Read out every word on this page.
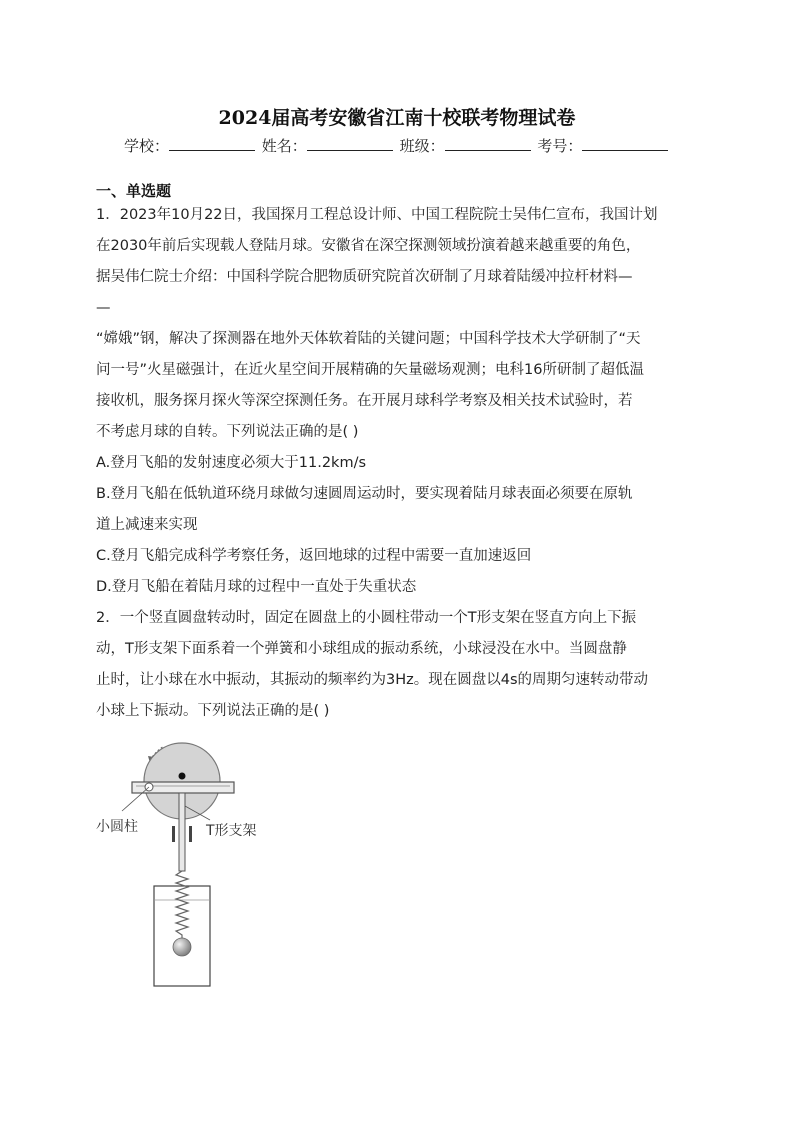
2024届高考安徽省江南十校联考物理试卷
学校：	姓名：	班级：	考号：
一、单选题
1．2023年10月22日，我国探月工程总设计师、中国工程院院士吴伟仁宣布，我国计划
在2030年前后实现载人登陆月球。安徽省在深空探测领域扮演着越来越重要的角色，
据吴伟仁院士介绍：中国科学院合肥物质研究院首次研制了月球着陆缓冲拉杆材料—
—
“嫦娥”钢，解决了探测器在地外天体软着陆的关键问题；中国科学技术大学研制了“天
问一号”火星磁强计，在近火星空间开展精确的矢量磁场观测；电科16所研制了超低温
接收机，服务探月探火等深空探测任务。在开展月球科学考察及相关技术试验时，若
不考虑月球的自转。下列说法正确的是( )
A.登月飞船的发射速度必须大于11.2km/s
B.登月飞船在低轨道环绕月球做匀速圆周运动时，要实现着陆月球表面必须要在原轨
道上减速来实现
C.登月飞船完成科学考察任务，返回地球的过程中需要一直加速返回
D.登月飞船在着陆月球的过程中一直处于失重状态
2．一个竖直圆盘转动时，固定在圆盘上的小圆柱带动一个T形支架在竖直方向上下振
动，T形支架下面系着一个弹簧和小球组成的振动系统，小球浸没在水中。当圆盘静
止时，让小球在水中振动，其振动的频率约为3Hz。现在圆盘以4s的周期匀速转动带动
小球上下振动。下列说法正确的是( )
小圆柱	T形支架
